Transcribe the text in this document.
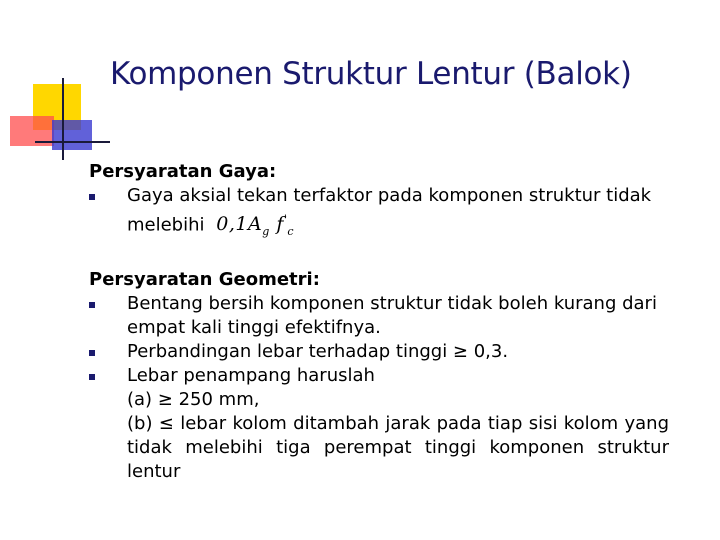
Komponen Struktur Lentur (Balok)

Persyaratan Gaya:

Gaya aksial tekan terfaktor pada komponen struktur tidak
melebihi $0,1A_g$ $f'_c$

Persyaratan Geometri:

Bentang bersih komponen struktur tidak boleh kurang dari empat kali tinggi efektifnya.
Perbandingan lebar terhadap tinggi ≥ 0,3.
Lebar penampang haruslah
(a) ≥ 250 mm,
(b) ≤ lebar kolom ditambah jarak pada tiap sisi kolom yang tidak melebihi tiga perempat tinggi komponen struktur lentur
